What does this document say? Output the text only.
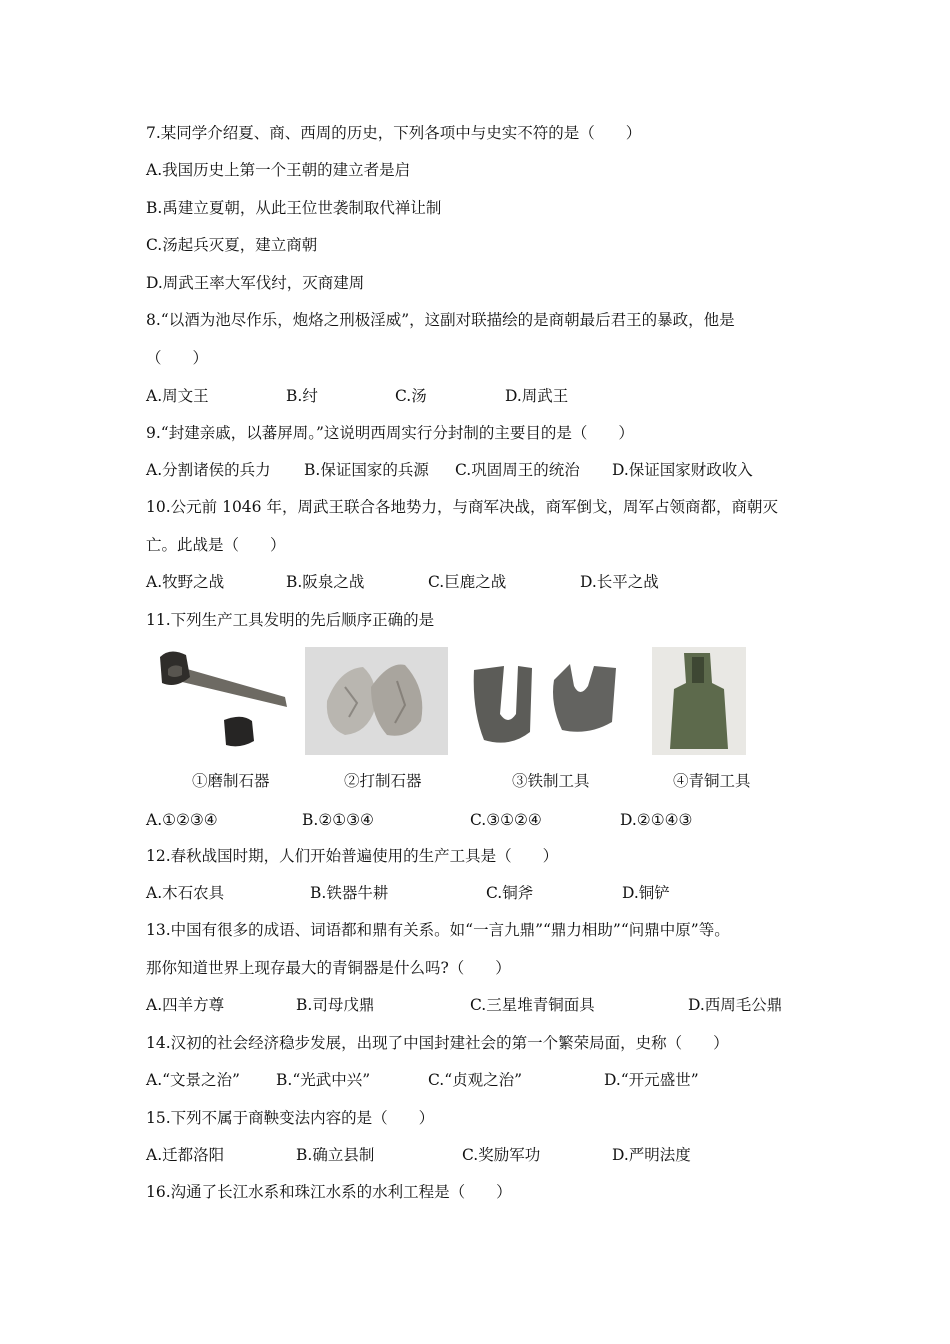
7.某同学介绍夏、商、西周的历史，下列各项中与史实不符的是（　　）
A.我国历史上第一个王朝的建立者是启
B.禹建立夏朝，从此王位世袭制取代禅让制
C.汤起兵灭夏，建立商朝
D.周武王率大军伐纣，灭商建周
8.“以酒为池尽作乐，炮烙之刑极淫威”，这副对联描绘的是商朝最后君王的暴政，他是
（　　）
A.周文王	B.纣	C.汤	D.周武王
9.“封建亲戚，以蕃屏周。”这说明西周实行分封制的主要目的是（　　）
A.分割诸侯的兵力 B.保证国家的兵源 C.巩固周王的统治 D.保证国家财政收入
10.公元前 1046 年，周武王联合各地势力，与商军决战，商军倒戈，周军占领商都，商朝灭
亡。此战是（　　）
A.牧野之战	B.阪泉之战	C.巨鹿之战	D.长平之战
11.下列生产工具发明的先后顺序正确的是
①磨制石器	②打制石器	③铁制工具	④青铜工具
A.①②③④	B.②①③④	C.③①②④	D.②①④③
12.春秋战国时期，人们开始普遍使用的生产工具是（　　）
A.木石农具	B.铁器牛耕	C.铜斧	D.铜铲
13.中国有很多的成语、词语都和鼎有关系。如“一言九鼎”“鼎力相助”“问鼎中原”等。
那你知道世界上现存最大的青铜器是什么吗?（　　）
A.四羊方尊	B.司母戊鼎	C.三星堆青铜面具	D.西周毛公鼎
14.汉初的社会经济稳步发展，出现了中国封建社会的第一个繁荣局面，史称（　　）
A.“文景之治” B.“光武中兴”	C.“贞观之治”	D.“开元盛世”
15.下列不属于商鞅变法内容的是（　　）
A.迁都洛阳	B.确立县制	C.奖励军功	D.严明法度
16.沟通了长江水系和珠江水系的水利工程是（　　）
